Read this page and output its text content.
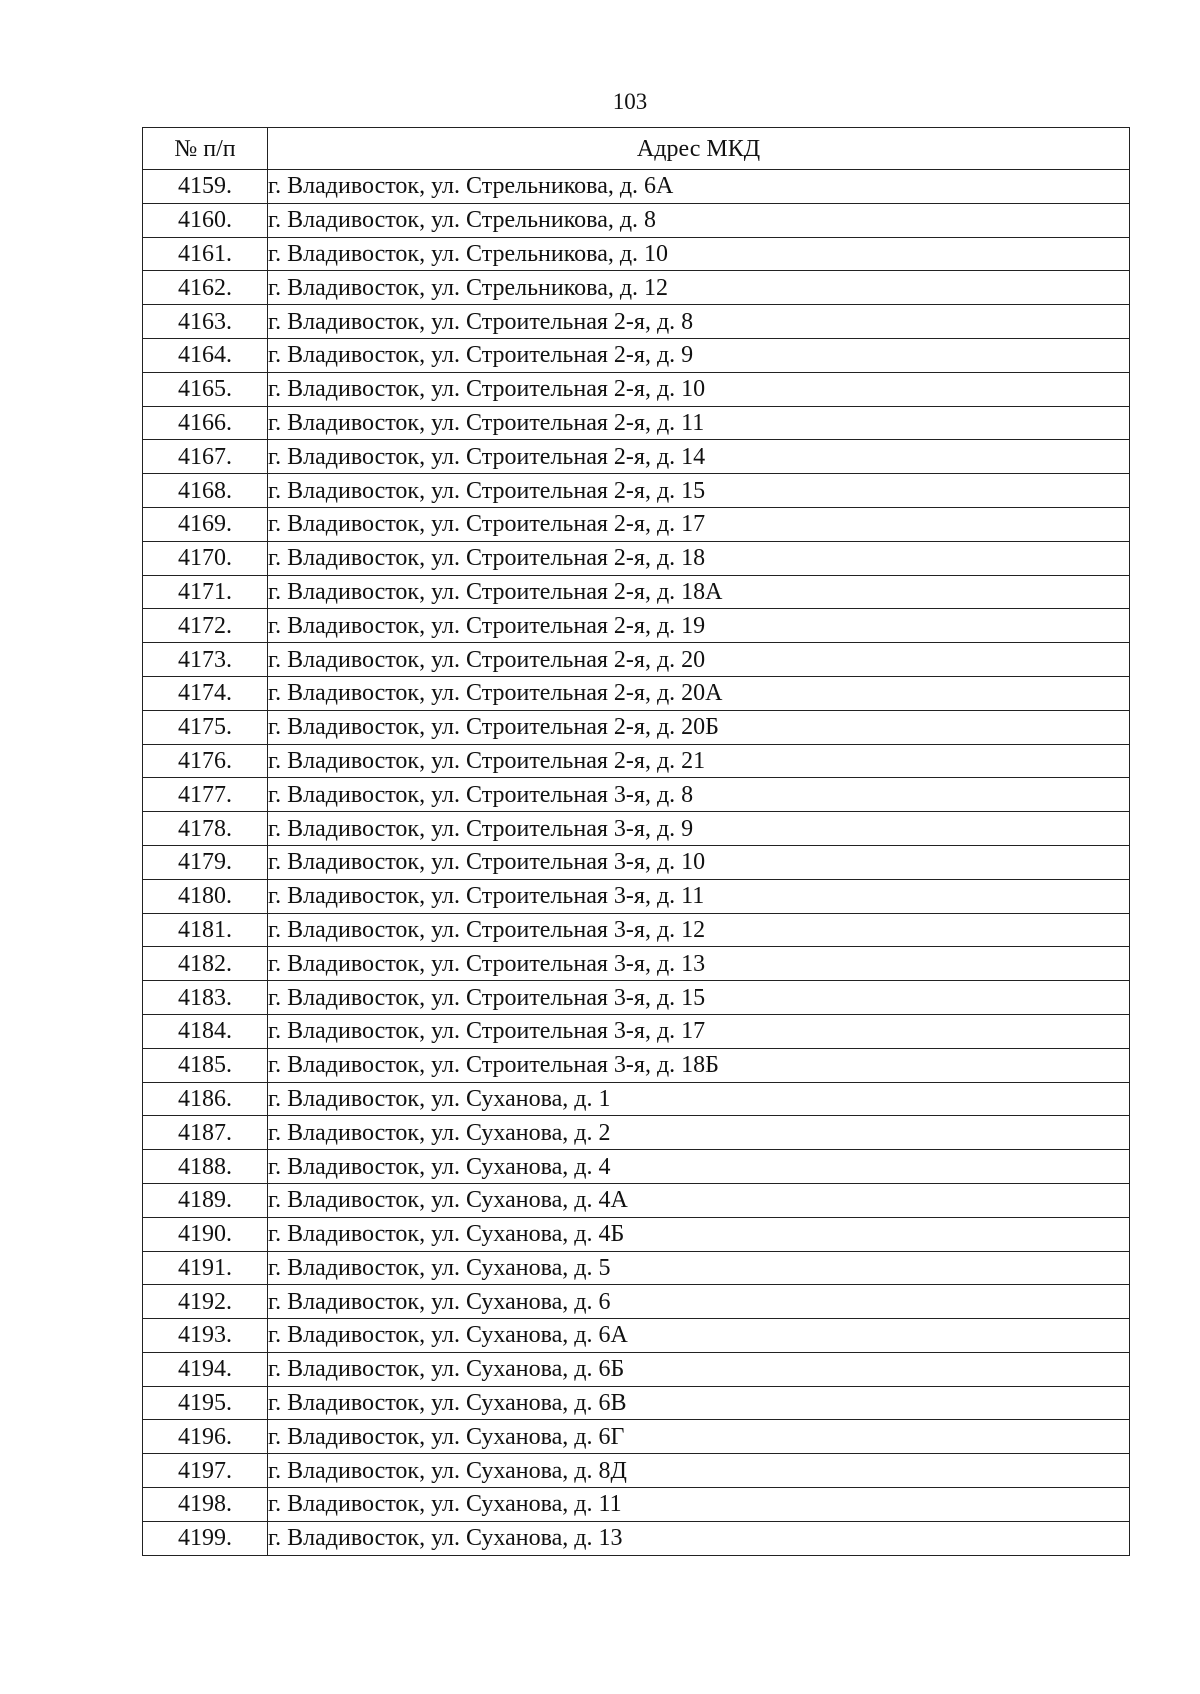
103
№ п/п	Адрес МКД
4159.	г. Владивосток, ул. Стрельникова, д. 6А
4160.	г. Владивосток, ул. Стрельникова, д. 8
4161.	г. Владивосток, ул. Стрельникова, д. 10
4162.	г. Владивосток, ул. Стрельникова, д. 12
4163.	г. Владивосток, ул. Строительная 2-я, д. 8
4164.	г. Владивосток, ул. Строительная 2-я, д. 9
4165.	г. Владивосток, ул. Строительная 2-я, д. 10
4166.	г. Владивосток, ул. Строительная 2-я, д. 11
4167.	г. Владивосток, ул. Строительная 2-я, д. 14
4168.	г. Владивосток, ул. Строительная 2-я, д. 15
4169.	г. Владивосток, ул. Строительная 2-я, д. 17
4170.	г. Владивосток, ул. Строительная 2-я, д. 18
4171.	г. Владивосток, ул. Строительная 2-я, д. 18А
4172.	г. Владивосток, ул. Строительная 2-я, д. 19
4173.	г. Владивосток, ул. Строительная 2-я, д. 20
4174.	г. Владивосток, ул. Строительная 2-я, д. 20А
4175.	г. Владивосток, ул. Строительная 2-я, д. 20Б
4176.	г. Владивосток, ул. Строительная 2-я, д. 21
4177.	г. Владивосток, ул. Строительная 3-я, д. 8
4178.	г. Владивосток, ул. Строительная 3-я, д. 9
4179.	г. Владивосток, ул. Строительная 3-я, д. 10
4180.	г. Владивосток, ул. Строительная 3-я, д. 11
4181.	г. Владивосток, ул. Строительная 3-я, д. 12
4182.	г. Владивосток, ул. Строительная 3-я, д. 13
4183.	г. Владивосток, ул. Строительная 3-я, д. 15
4184.	г. Владивосток, ул. Строительная 3-я, д. 17
4185.	г. Владивосток, ул. Строительная 3-я, д. 18Б
4186.	г. Владивосток, ул. Суханова, д. 1
4187.	г. Владивосток, ул. Суханова, д. 2
4188.	г. Владивосток, ул. Суханова, д. 4
4189.	г. Владивосток, ул. Суханова, д. 4А
4190.	г. Владивосток, ул. Суханова, д. 4Б
4191.	г. Владивосток, ул. Суханова, д. 5
4192.	г. Владивосток, ул. Суханова, д. 6
4193.	г. Владивосток, ул. Суханова, д. 6А
4194.	г. Владивосток, ул. Суханова, д. 6Б
4195.	г. Владивосток, ул. Суханова, д. 6В
4196.	г. Владивосток, ул. Суханова, д. 6Г
4197.	г. Владивосток, ул. Суханова, д. 8Д
4198.	г. Владивосток, ул. Суханова, д. 11
4199.	г. Владивосток, ул. Суханова, д. 13
